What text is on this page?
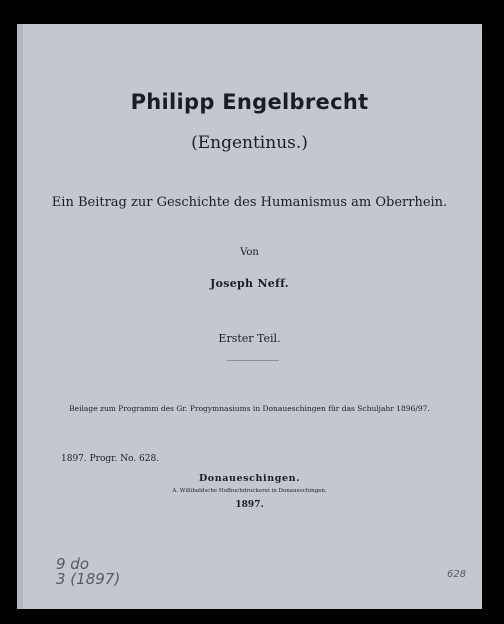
Philipp Engelbrecht
(Engentinus.)
Ein Beitrag zur Geschichte des Humanismus am Oberrhein.
Von
Joseph Neff.
Erster Teil.
Beilage zum Programm des Gr. Progymnasiums in Donaueschingen für das Schuljahr 1896/97.
1897. Progr. No. 628.
Donaueschingen.
A. Willibaldsche Hofbuchdruckerei in Donaueschingen.
1897.
9 do
3 (1897)	628
